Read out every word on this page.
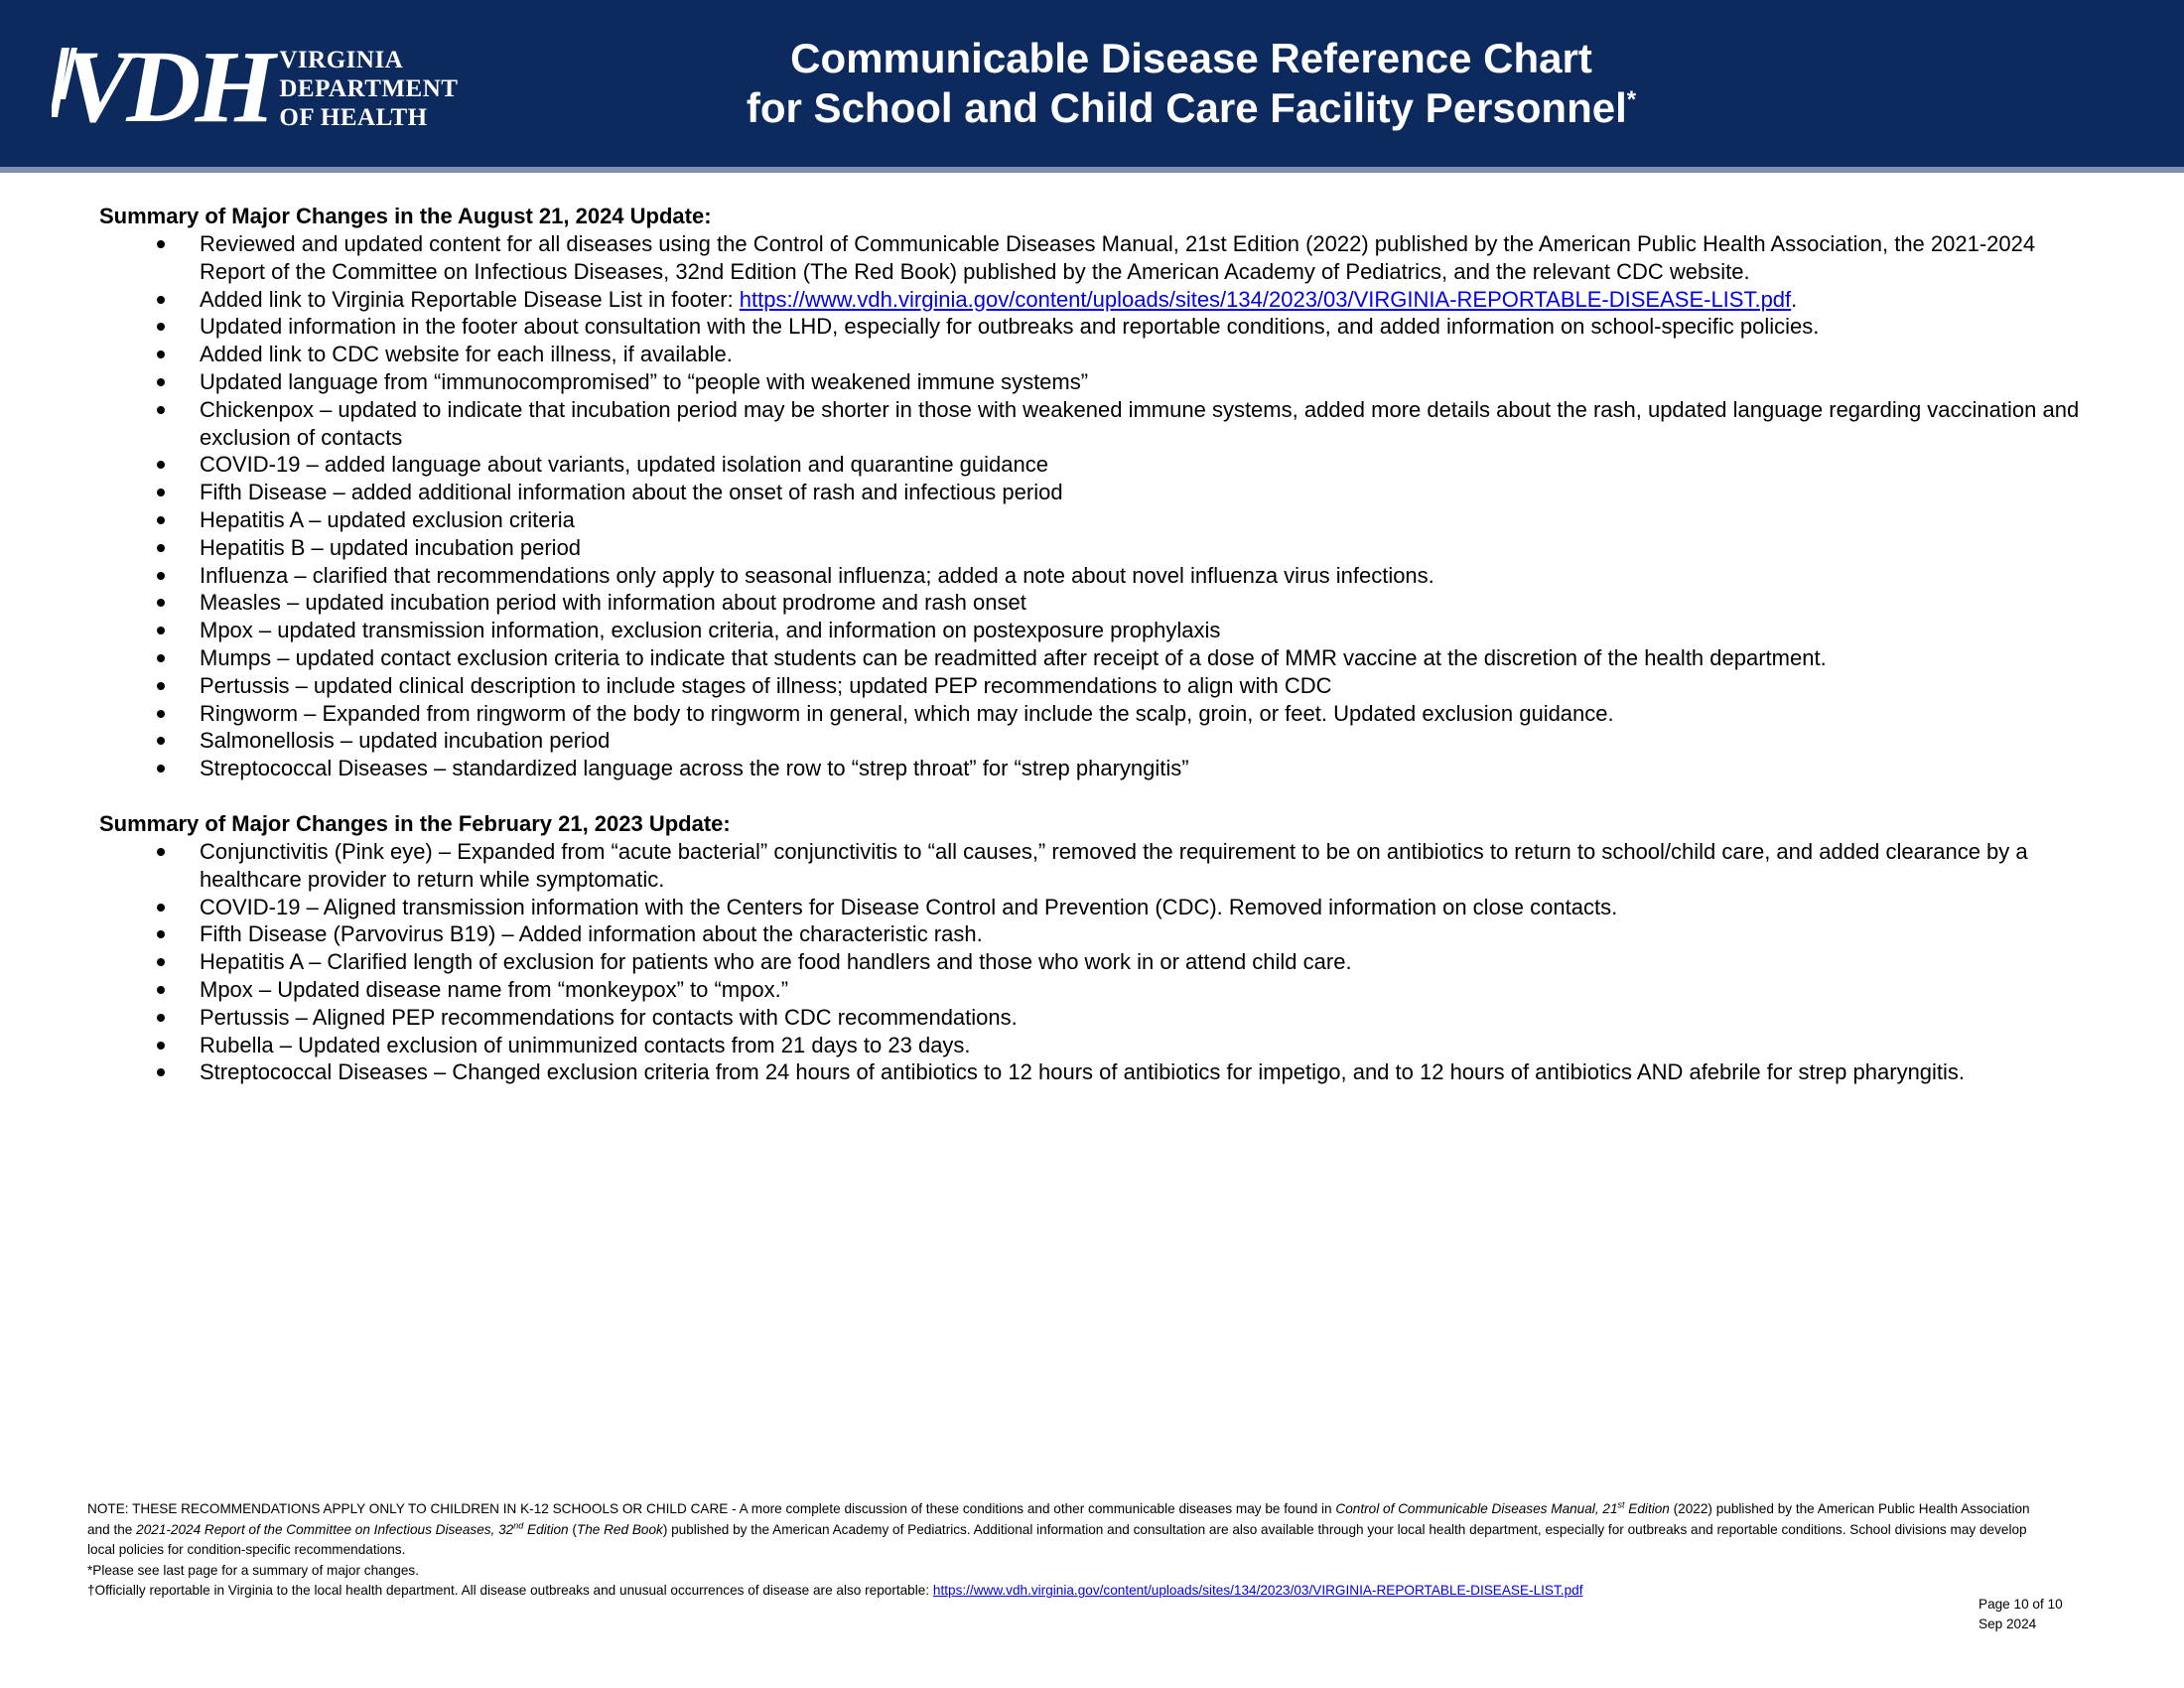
VDH VIRGINIA
DEPARTMENT
OF HEALTH
Communicable Disease Reference Chart
for School and Child Care Facility Personnel*

Summary of Major Changes in the August 21, 2024 Update:

Reviewed and updated content for all diseases using the Control of Communicable Diseases Manual, 21st Edition (2022) published by the American Public Health Association, the 2021-2024 Report of the Committee on Infectious Diseases, 32nd Edition (The Red Book) published by the American Academy of Pediatrics, and the relevant CDC website.
Added link to Virginia Reportable Disease List in footer: https://www.vdh.virginia.gov/content/uploads/sites/134/2023/03/VIRGINIA-REPORTABLE-DISEASE-LIST.pdf.
Updated information in the footer about consultation with the LHD, especially for outbreaks and reportable conditions, and added information on school-specific policies.
Added link to CDC website for each illness, if available.
Updated language from “immunocompromised” to “people with weakened immune systems”
Chickenpox – updated to indicate that incubation period may be shorter in those with weakened immune systems, added more details about the rash, updated language regarding vaccination and exclusion of contacts
COVID-19 – added language about variants, updated isolation and quarantine guidance
Fifth Disease – added additional information about the onset of rash and infectious period
Hepatitis A – updated exclusion criteria
Hepatitis B – updated incubation period
Influenza – clarified that recommendations only apply to seasonal influenza; added a note about novel influenza virus infections.
Measles – updated incubation period with information about prodrome and rash onset
Mpox – updated transmission information, exclusion criteria, and information on postexposure prophylaxis
Mumps – updated contact exclusion criteria to indicate that students can be readmitted after receipt of a dose of MMR vaccine at the discretion of the health department.
Pertussis – updated clinical description to include stages of illness; updated PEP recommendations to align with CDC
Ringworm – Expanded from ringworm of the body to ringworm in general, which may include the scalp, groin, or feet. Updated exclusion guidance.
Salmonellosis – updated incubation period
Streptococcal Diseases – standardized language across the row to “strep throat” for “strep pharyngitis”

Summary of Major Changes in the February 21, 2023 Update:

Conjunctivitis (Pink eye) – Expanded from “acute bacterial” conjunctivitis to “all causes,” removed the requirement to be on antibiotics to return to school/child care, and added clearance by a healthcare provider to return while symptomatic.
COVID-19 – Aligned transmission information with the Centers for Disease Control and Prevention (CDC). Removed information on close contacts.
Fifth Disease (Parvovirus B19) – Added information about the characteristic rash.
Hepatitis A – Clarified length of exclusion for patients who are food handlers and those who work in or attend child care.
Mpox – Updated disease name from “monkeypox” to “mpox.”
Pertussis – Aligned PEP recommendations for contacts with CDC recommendations.
Rubella – Updated exclusion of unimmunized contacts from 21 days to 23 days.
Streptococcal Diseases – Changed exclusion criteria from 24 hours of antibiotics to 12 hours of antibiotics for impetigo, and to 12 hours of antibiotics AND afebrile for strep pharyngitis.
NOTE: THESE RECOMMENDATIONS APPLY ONLY TO CHILDREN IN K-12 SCHOOLS OR CHILD CARE - A more complete discussion of these conditions and other communicable diseases may be found in Control of Communicable Diseases Manual, 21st Edition (2022) published by the American Public Health Association and the 2021-2024 Report of the Committee on Infectious Diseases, 32nd Edition (The Red Book) published by the American Academy of Pediatrics. Additional information and consultation are also available through your local health department, especially for outbreaks and reportable conditions. School divisions may develop local policies for condition-specific recommendations.
*Please see last page for a summary of major changes.
†Officially reportable in Virginia to the local health department. All disease outbreaks and unusual occurrences of disease are also reportable: https://www.vdh.virginia.gov/content/uploads/sites/134/2023/03/VIRGINIA-REPORTABLE-DISEASE-LIST.pdf
Page 10 of 10
Sep 2024
